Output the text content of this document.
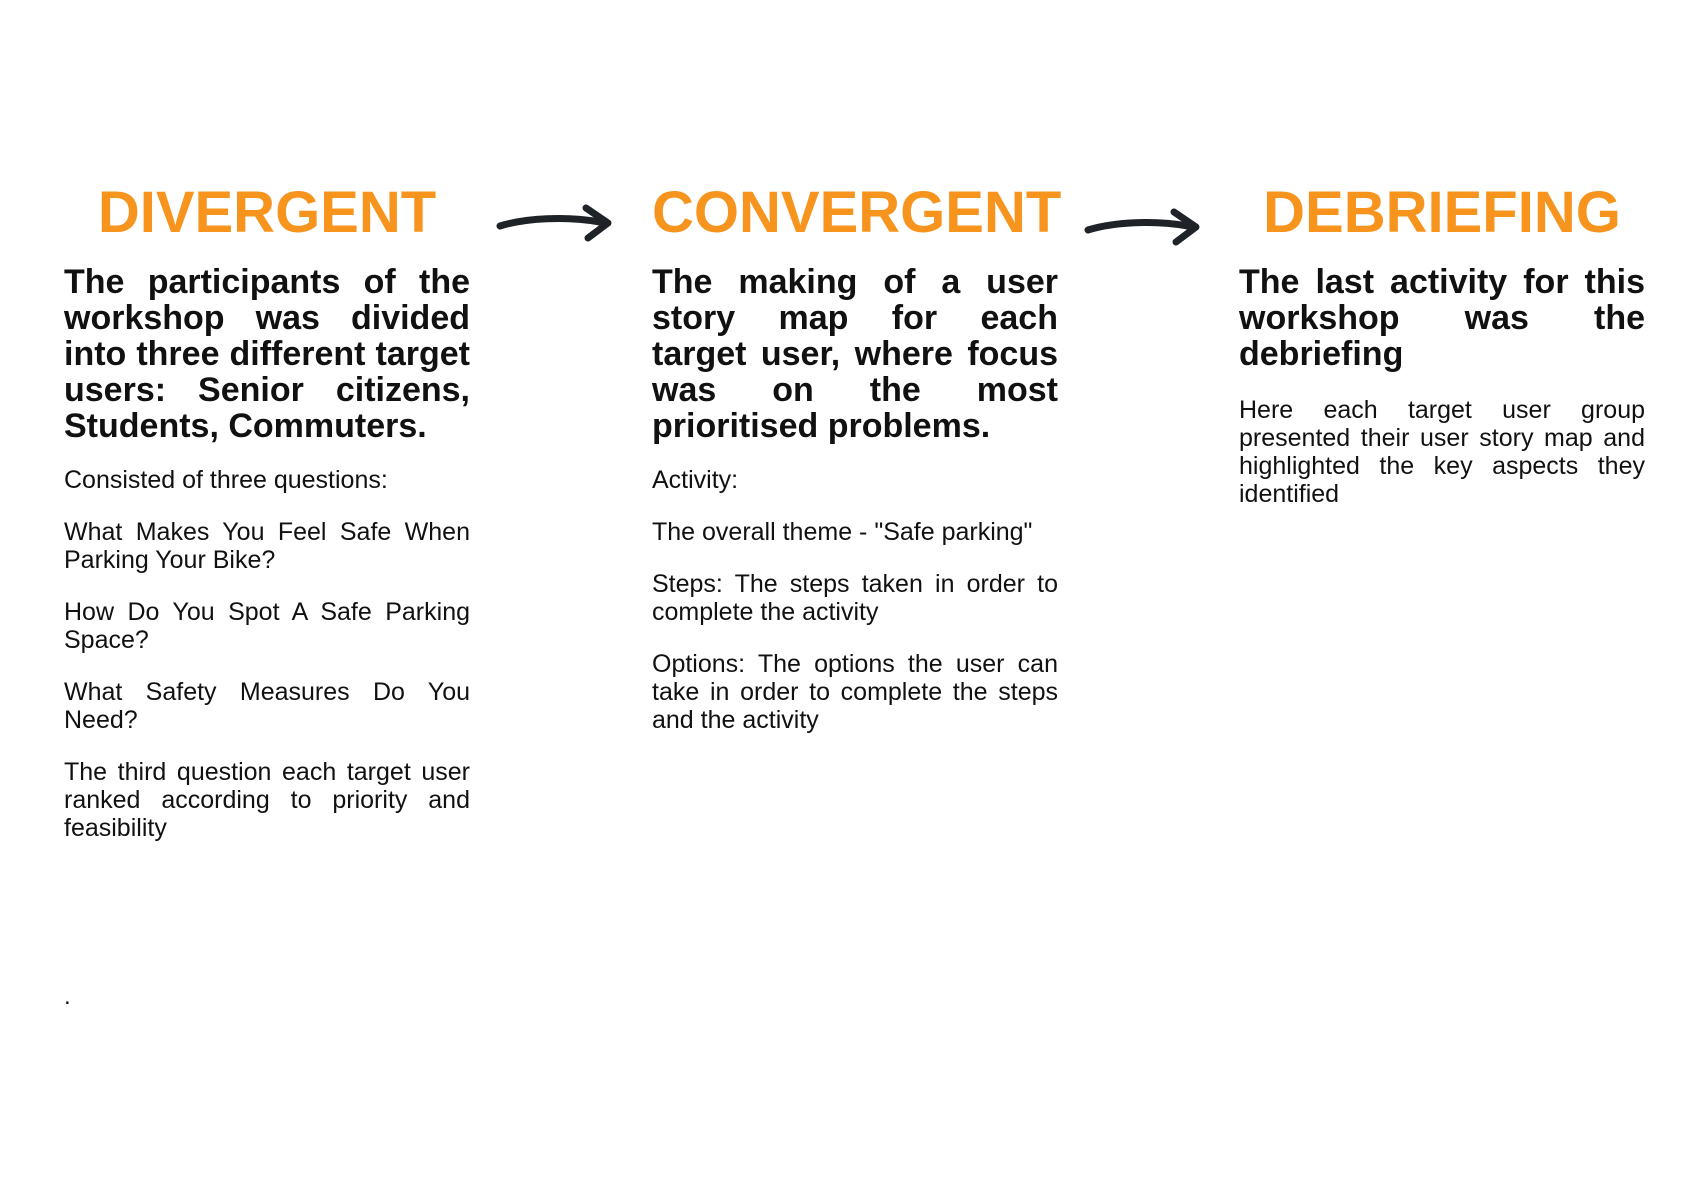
DIVERGENT
The participants of the workshop was divided into three different target users: Senior citizens, Students, Commuters.

Consisted of three questions:

What Makes You Feel Safe When Parking Your Bike?

How Do You Spot A Safe Parking Space?

What Safety Measures Do You Need?

The third question each target user ranked according to priority and feasibility

CONVERGENT
The making of a user story map for each target user, where focus was on the most prioritised problems.

Activity:

The overall theme - "Safe parking"

Steps: The steps taken in order to complete the activity

Options: The options the user can take in order to complete the steps and the activity

DEBRIEFING
The last activity for this workshop was the debriefing

Here each target user group presented their user story map and highlighted the key aspects they identified

.
